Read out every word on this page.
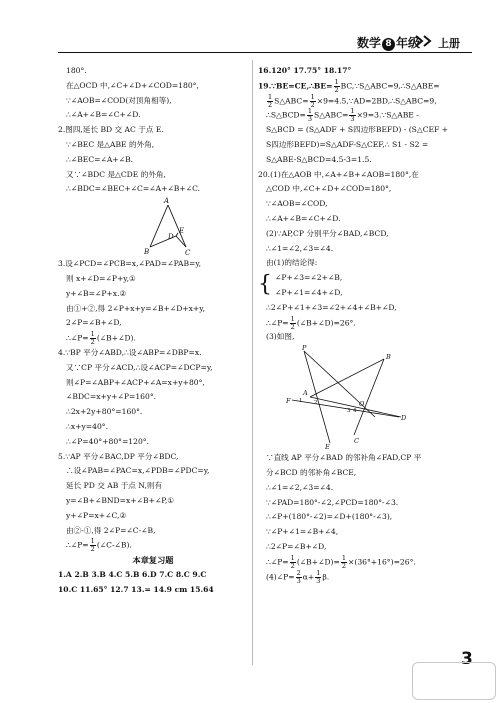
数学 8 年级 上册
180°.
在△OCD 中,∠C+∠D+∠COD=180°,
∵∠AOB=∠COD(对顶角相等),
∴∠A+∠B=∠C+∠D.
2.图四,延长 BD 交 AC 于点 E.
∵∠BEC 是△ABE 的外角,
∴∠BEC=∠A+∠B.
又∵∠BDC 是△CDE 的外角,
∴∠BDC=∠BEC+∠C=∠A+∠B+∠C.
A
B	C
D
E
3.设∠PCD=∠PCB=x,∠PAD=∠PAB=y,
则 x+∠D=∠P+y,①
y+∠B=∠P+x.②
由①+②,得 2∠P+x+y=∠B+∠D+x+y,
2∠P=∠B+∠D,
∴∠P= $\frac{1}{2}$ (∠B+∠D).
4.∵BP 平分∠ABD,∴设∠ABP=∠DBP=x.
又∵CP 平分∠ACD,∴设∠ACP=∠DCP=y,
则∠P=∠ABP+∠ACP+∠A=x+y+80°,
∠BDC=x+y+∠P=160°.
∴2x+2y+80°=160°.
∴x+y=40°.
∴∠P=40°+80°=120°.
5.∵AP 平分∠BAC,DP 平分∠BDC,
∴设∠PAB=∠PAC=x,∠PDB=∠PDC=y,
延长 PD 交 AB 于点 N,则有
y=∠B+∠BND=x+∠B+∠P,①
y+∠P=x+∠C,②
由②-①,得 2∠P=∠C-∠B,
∴∠P= $\frac{1}{2}$ (∠C-∠B).
本章复习题
1.A 2.B 3.B 4.C 5.B 6.D 7.C 8.C 9.C
10.C 11.65° 12.7 13.= 14.9 cm 15.64
16.120° 17.75° 18.17°
19.∵BE=CE,∴BE= $\frac{1}{2}$ BC,∵S△ABC=9,∴S△ABE=
$\frac{1}{2}$ S△ABC= $\frac{1}{2}$ ×9=4.5,∵AD=2BD,∴S△ABC=9,
∴S△BCD= $\frac{1}{3}$ S△ABC= $\frac{1}{3}$ ×9=3.∵S△ABE -
S△BCD = (S△ADF + S四边形BEFD) - (S△CEF +
S四边形BEFD)=S△ADF-S△CEF,∴ S1 - S2 =
S△ABE-S△BCD=4.5-3=1.5.
20.(1)在△AOB 中,∠A+∠B+∠AOB=180°,在
△COD 中,∠C+∠D+∠COD=180°,
∵∠AOB=∠COD,
∴∠A+∠B=∠C+∠D.
(2)∵AP,CP 分别平分∠BAD,∠BCD,
∴∠1=∠2,∠3=∠4.
由(1)的结论得:
{ ∠P+∠3=∠2+∠B,
∠P+∠1=∠4+∠D,
∴2∠P+∠1+∠3=∠2+∠4+∠B+∠D,
∴∠P= $\frac{1}{2}$ (∠B+∠D)=26°.
(3)如图,
P
B
A
F	O
D
E
C
1 2
3 4
∵直线 AP 平分∠BAD 的邻补角∠FAD,CP 平
分∠BCD 的邻补角∠BCE,
∴∠1=∠2,∠3=∠4.
∵∠PAD=180°-∠2,∠PCD=180°-∠3.
∴∠P+(180°-∠2)=∠D+(180°-∠3),
∵∠P+∠1=∠B+∠4,
∴2∠P=∠B+∠D,
∴∠P= $\frac{1}{2}$ (∠B+∠D)= $\frac{1}{2} \times(36^\circ+16^\circ)=26^\circ$.
(4)∠P= $\frac{2}{3} \alpha+ \frac{1}{3} \beta$.
3
